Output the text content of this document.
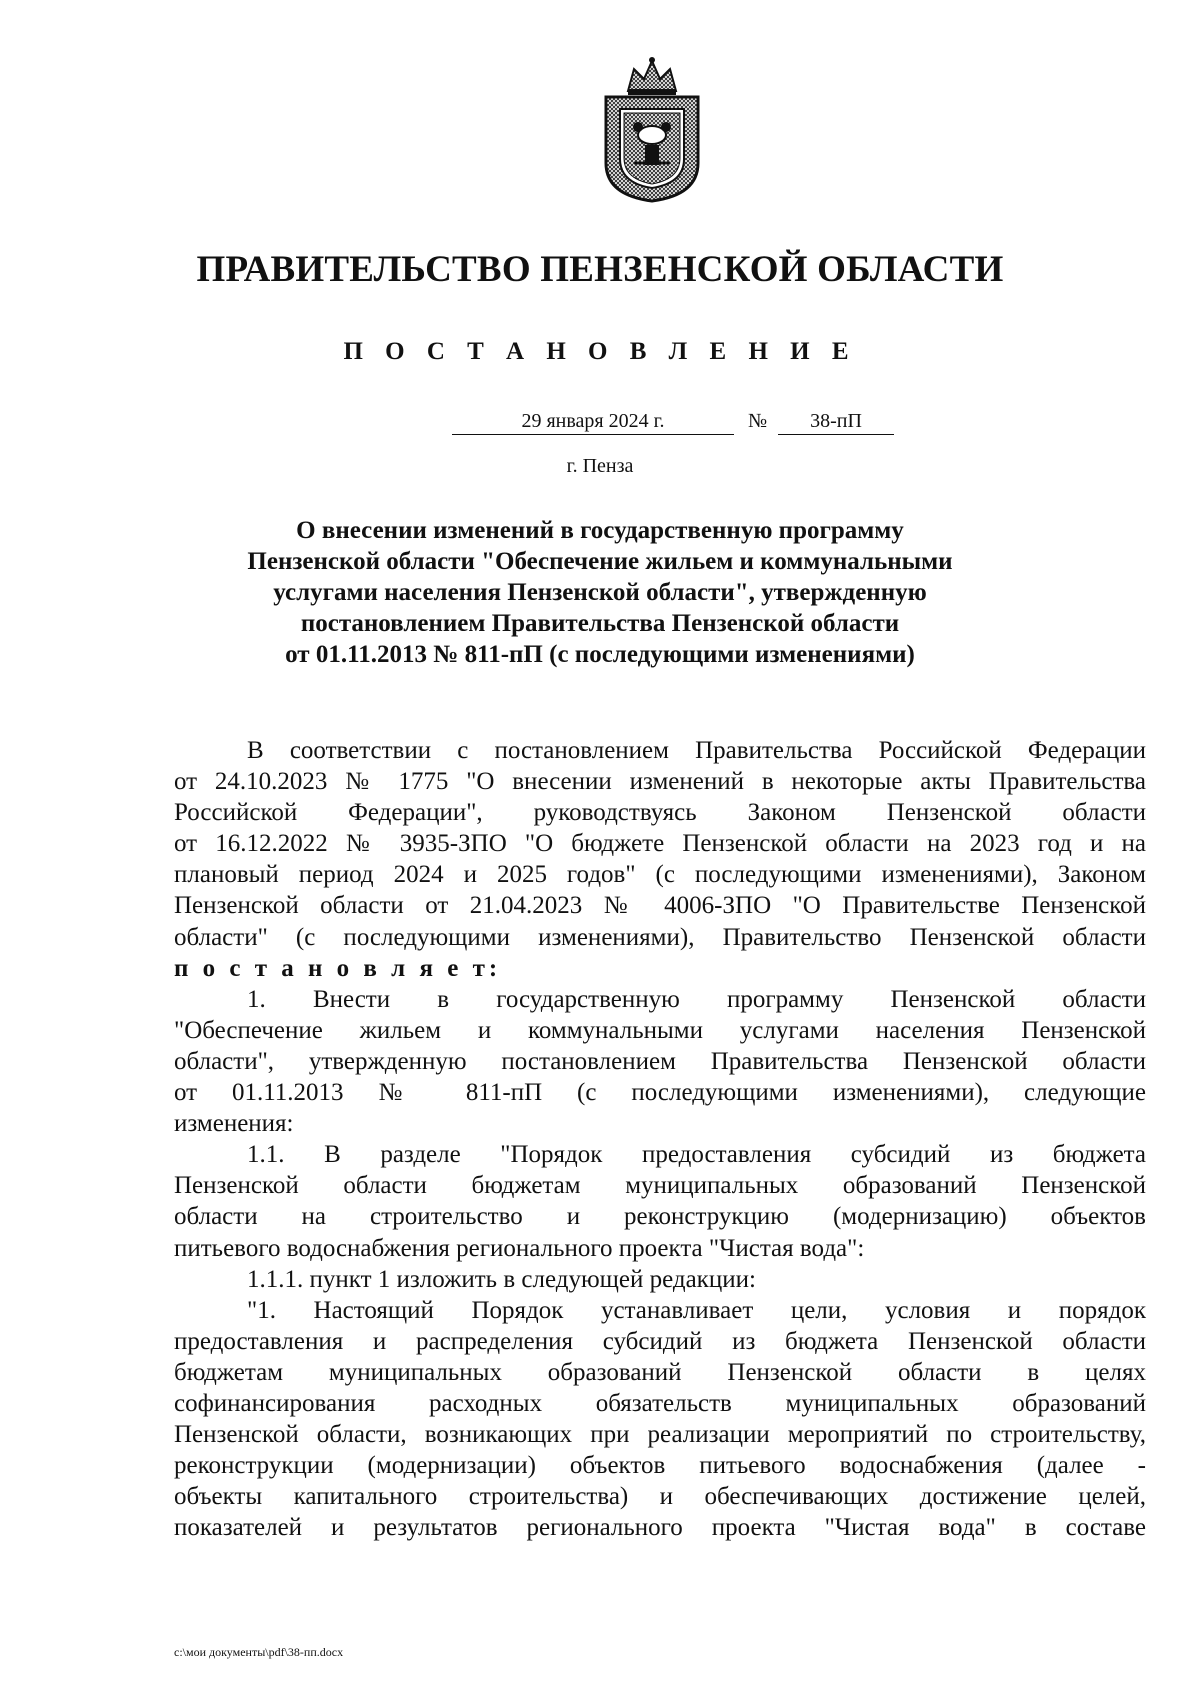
ПРАВИТЕЛЬСТВО ПЕНЗЕНСКОЙ ОБЛАСТИ
П О С Т А Н О В Л Е Н И Е
29 января 2024 г.	№	38-пП
г. Пенза
О внесении изменений в государственную программу
Пензенской области "Обеспечение жильем и коммунальными
услугами населения Пензенской области", утвержденную
постановлением Правительства Пензенской области
от 01.11.2013 № 811-пП (с последующими изменениями)
В соответствии с постановлением Правительства Российской Федерации
от 24.10.2023 № 1775 "О внесении изменений в некоторые акты Правительства
Российской Федерации", руководствуясь Законом Пензенской области
от 16.12.2022 № 3935-ЗПО "О бюджете Пензенской области на 2023 год и на
плановый период 2024 и 2025 годов" (с последующими изменениями), Законом
Пензенской области от 21.04.2023 № 4006-ЗПО "О Правительстве Пензенской
области" (с последующими изменениями), Правительство Пензенской области
п о с т а н о в л я е т:
1. Внести в государственную программу Пензенской области
"Обеспечение жильем и коммунальными услугами населения Пензенской
области", утвержденную постановлением Правительства Пензенской области
от 01.11.2013 № 811-пП (с последующими изменениями), следующие
изменения:
1.1. В разделе "Порядок предоставления субсидий из бюджета
Пензенской области бюджетам муниципальных образований Пензенской
области на строительство и реконструкцию (модернизацию) объектов
питьевого водоснабжения регионального проекта "Чистая вода":
1.1.1. пункт 1 изложить в следующей редакции:
"1. Настоящий Порядок устанавливает цели, условия и порядок
предоставления и распределения субсидий из бюджета Пензенской области
бюджетам муниципальных образований Пензенской области в целях
софинансирования расходных обязательств муниципальных образований
Пензенской области, возникающих при реализации мероприятий по строительству,
реконструкции (модернизации) объектов питьевого водоснабжения (далее -
объекты капитального строительства) и обеспечивающих достижение целей,
показателей и результатов регионального проекта "Чистая вода" в составе
c:\мои документы\pdf\38-пп.docx
